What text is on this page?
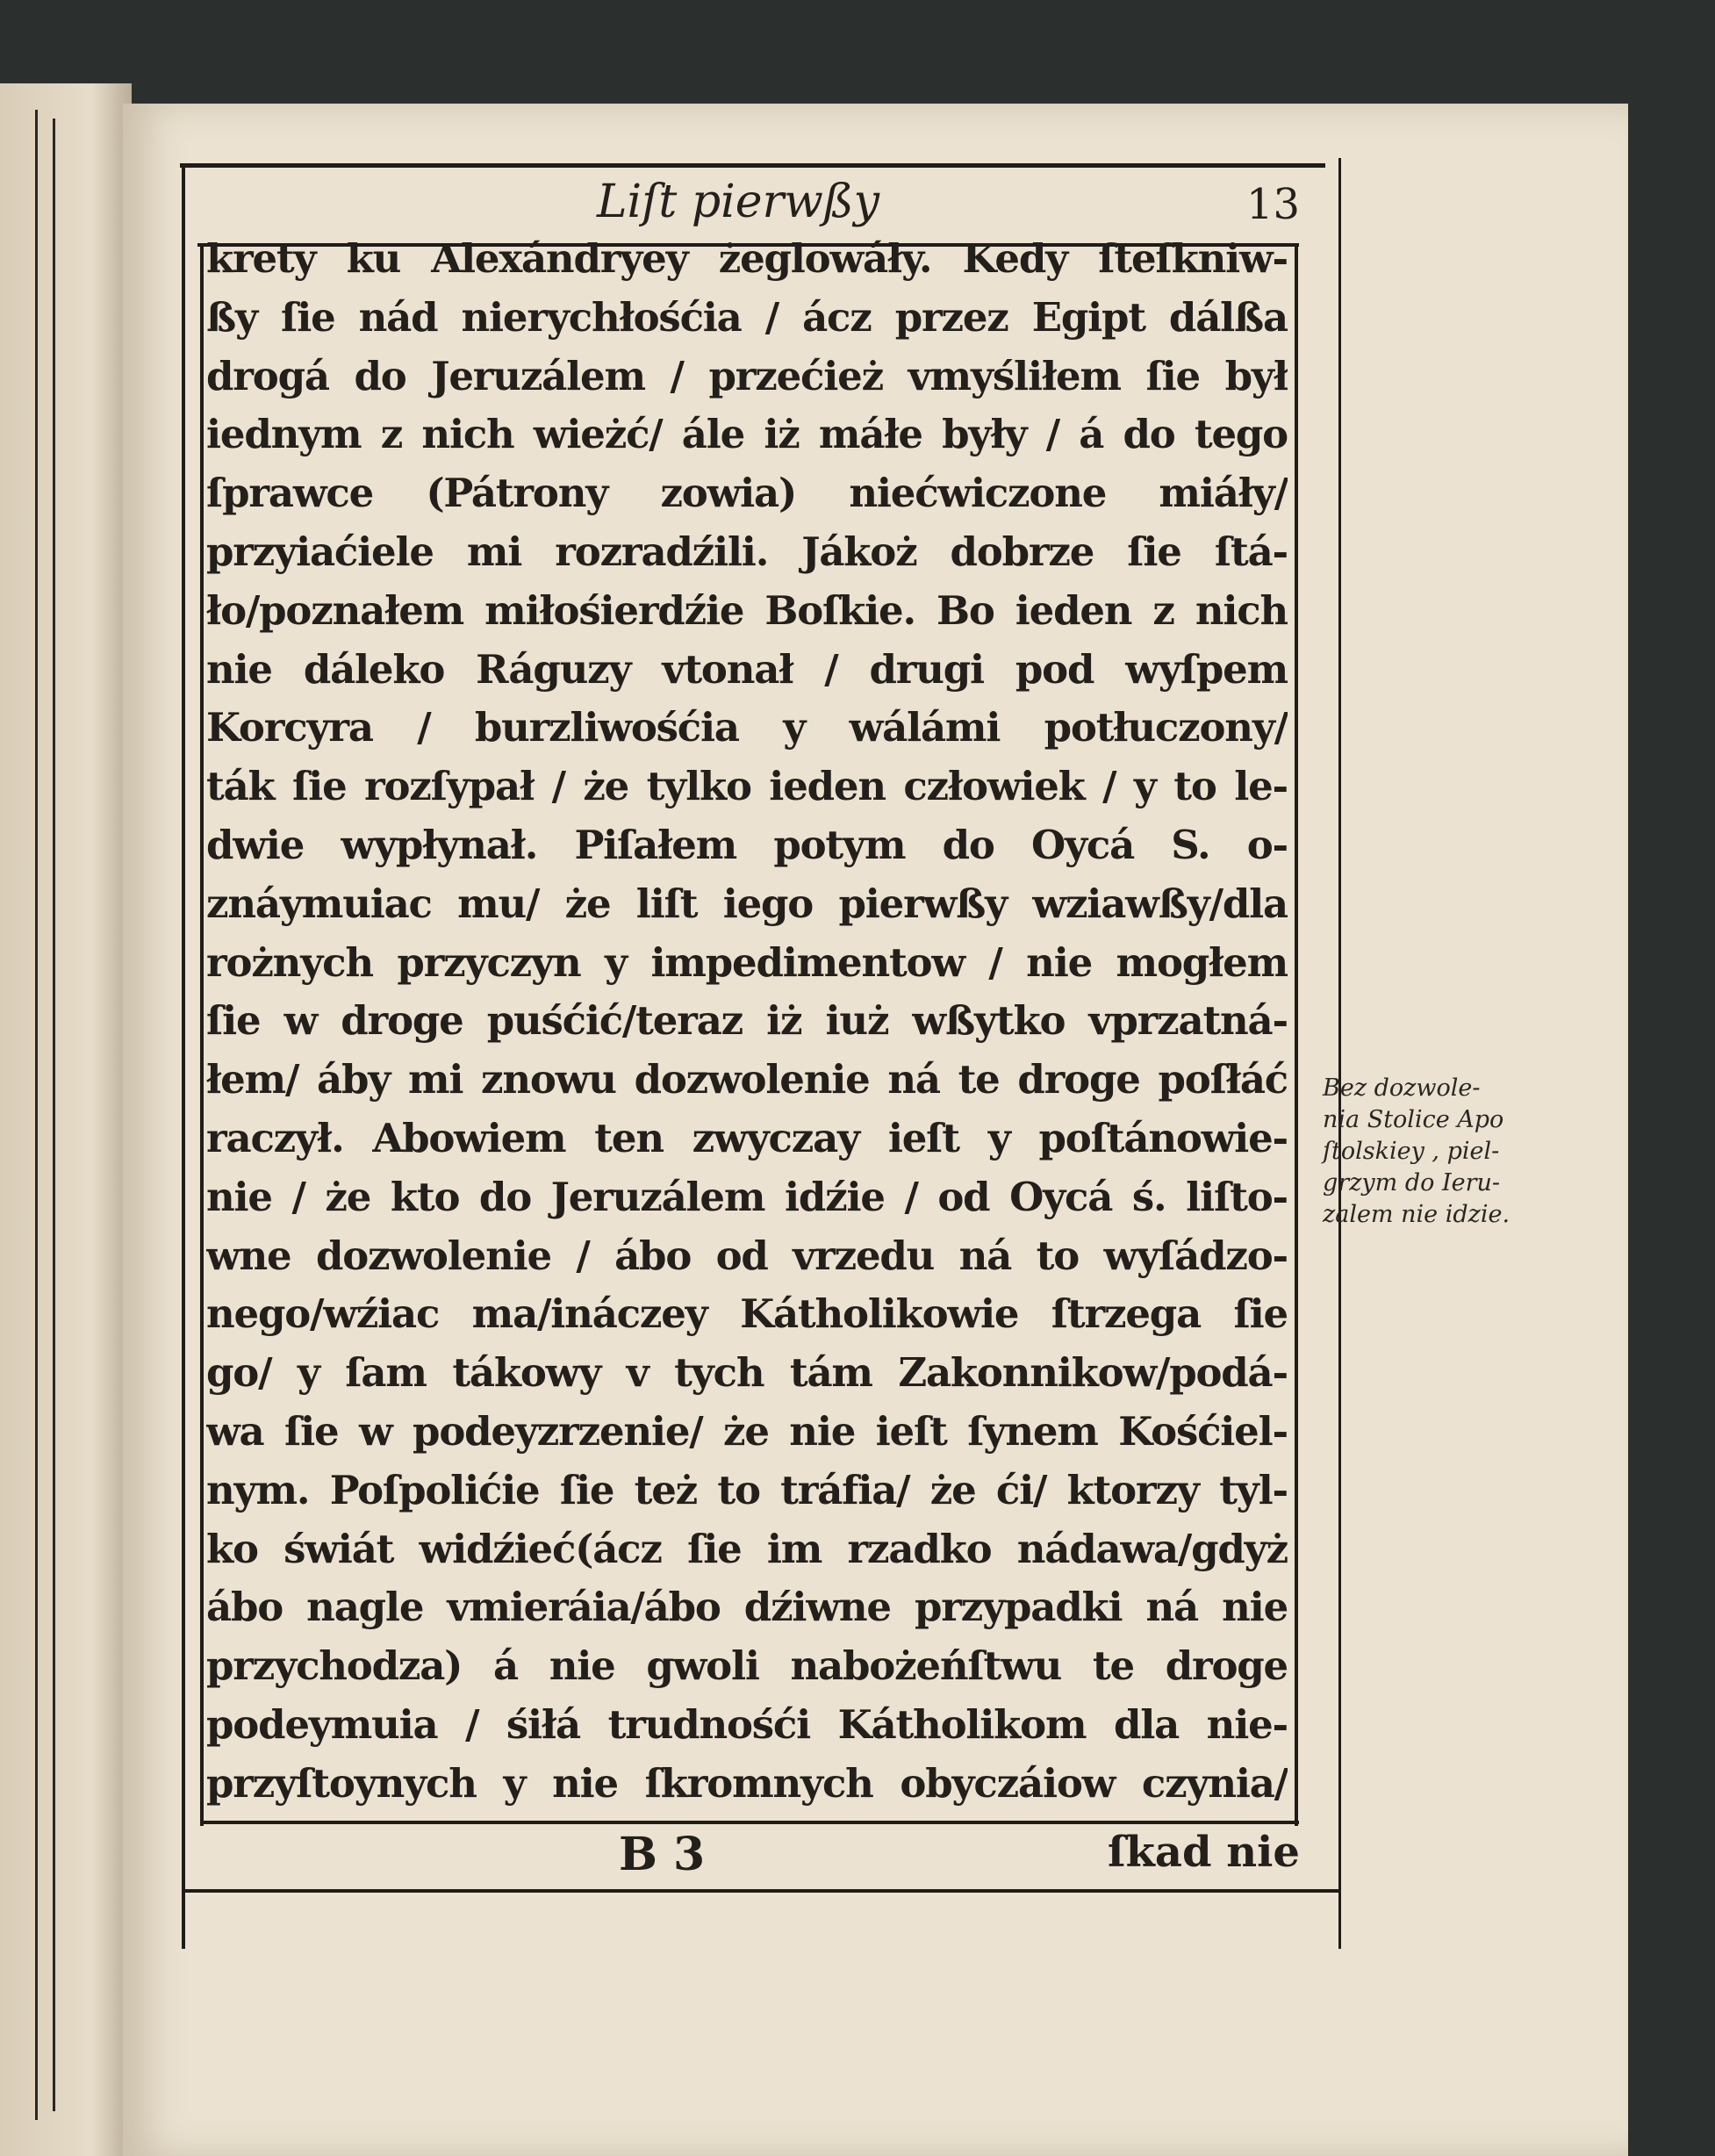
Liſt pierwßy	13
krety ku Alexándryey żeglowáły. Kedy ſteſkniw-
ßy ſie nád nierychłośćia / ácz przez Egipt dálßa
drogá do Jeruzálem / przećież vmyśliłem ſie był
iednym z nich wieżć/ ále iż máłe były / á do tego
ſprawce (Pátrony zowia) niećwiczone miáły/
przyiaćiele mi rozradźili. Jákoż dobrze ſie ſtá-
ło/poznałem miłośierdźie Boſkie. Bo ieden z nich
nie dáleko Ráguzy vtonał / drugi pod wyſpem
Korcyra / burzliwośćia y wálámi potłuczony/
ták ſie rozſypał / że tylko ieden człowiek / y to le-
dwie wypłynał. Piſałem potym do Oycá S. o-
znáymuiac mu/ że liſt iego pierwßy wziawßy/dla
rożnych przyczyn y impedimentow / nie mogłem
ſie w droge puśćić/teraz iż iuż wßytko vprzatná-
łem/ áby mi znowu dozwolenie ná te droge poſłáć
raczył. Abowiem ten zwyczay ieſt y poſtánowie-
nie / że kto do Jeruzálem idźie / od Oycá ś. liſto-
wne dozwolenie / ábo od vrzedu ná to wyſádzo-
nego/wźiac ma/ináczey Kátholikowie ſtrzega ſie
go/ y ſam tákowy v tych tám Zakonnikow/podá-
wa ſie w podeyzrzenie/ że nie ieſt ſynem Kośćiel-
nym. Poſpolićie ſie też to tráfia/ że ći/ ktorzy tyl-
ko świát widźieć(ácz ſie im rzadko nádawa/gdyż
ábo nagle vmieráia/ábo dźiwne przypadki ná nie
przychodza) á nie gwoli nabożeńſtwu te droge
podeymuia / śiłá trudnośći Kátholikom dla nie-
przyſtoynych y nie ſkromnych obyczáiow czynia/
B 3	ſkad nie
Bez dozwole-
nia Stolice Apo
ſtolskiey , piel-
grzym do Ieru-
zalem nie idzie.
